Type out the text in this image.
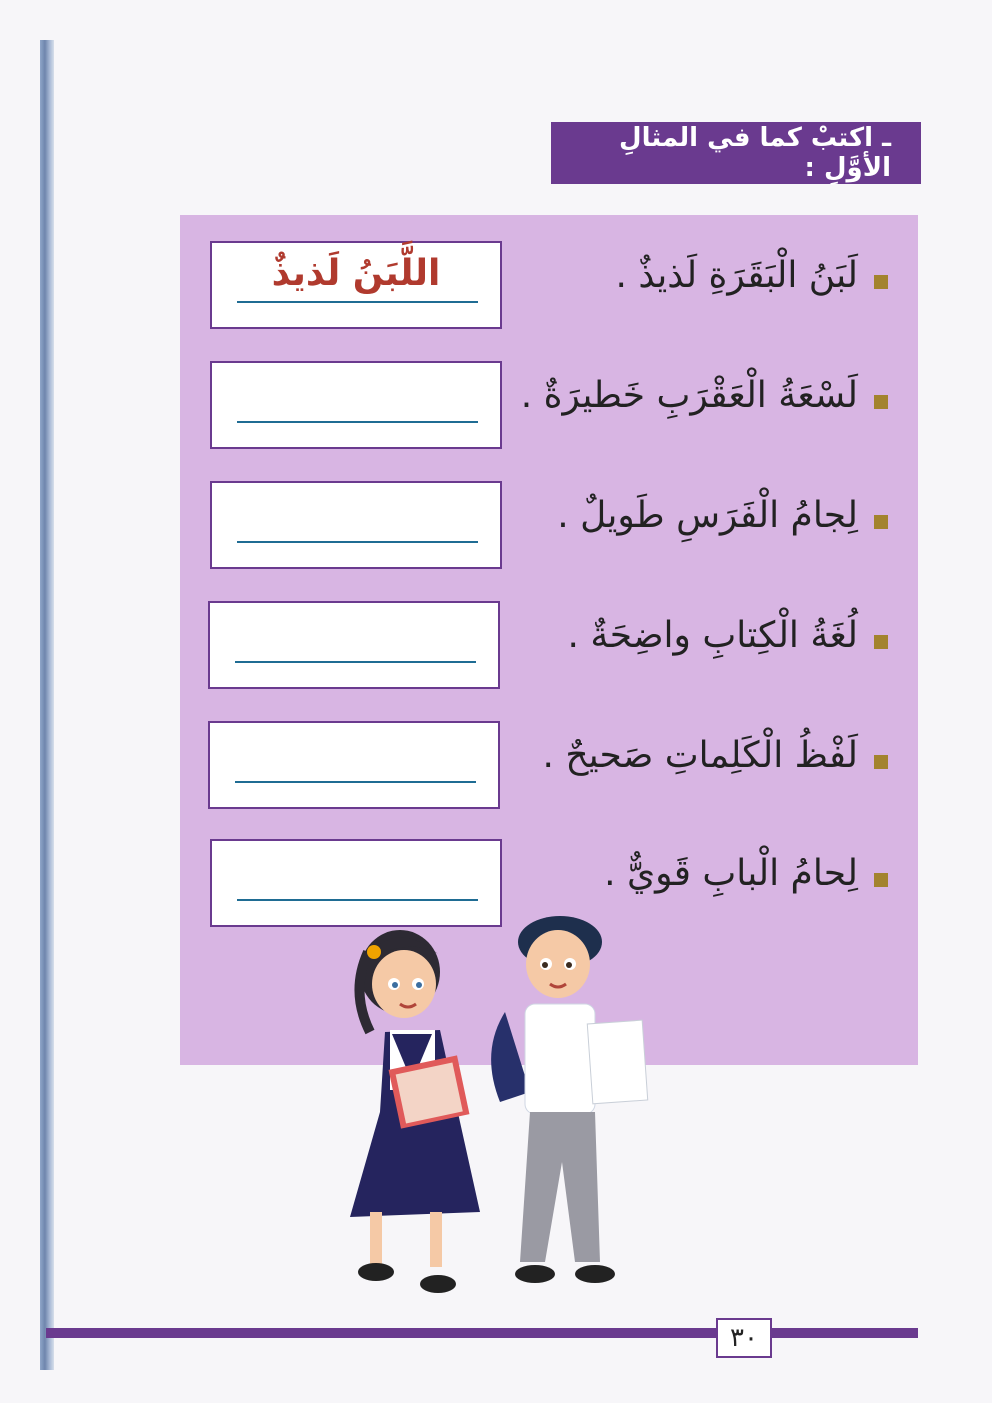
ـ اكتبْ كما في المثالِ الأوَّلِ :
اللَّبَنُ لَذيذٌ	لَبَنُ الْبَقَرَةِ لَذيذٌ .
لَسْعَةُ الْعَقْرَبِ خَطيرَةٌ .
لِجامُ الْفَرَسِ طَويلٌ .
لُغَةُ الْكِتابِ واضِحَةٌ .
لَفْظُ الْكَلِماتِ صَحيحٌ .
لِحامُ الْبابِ قَويٌّ .
٣٠
